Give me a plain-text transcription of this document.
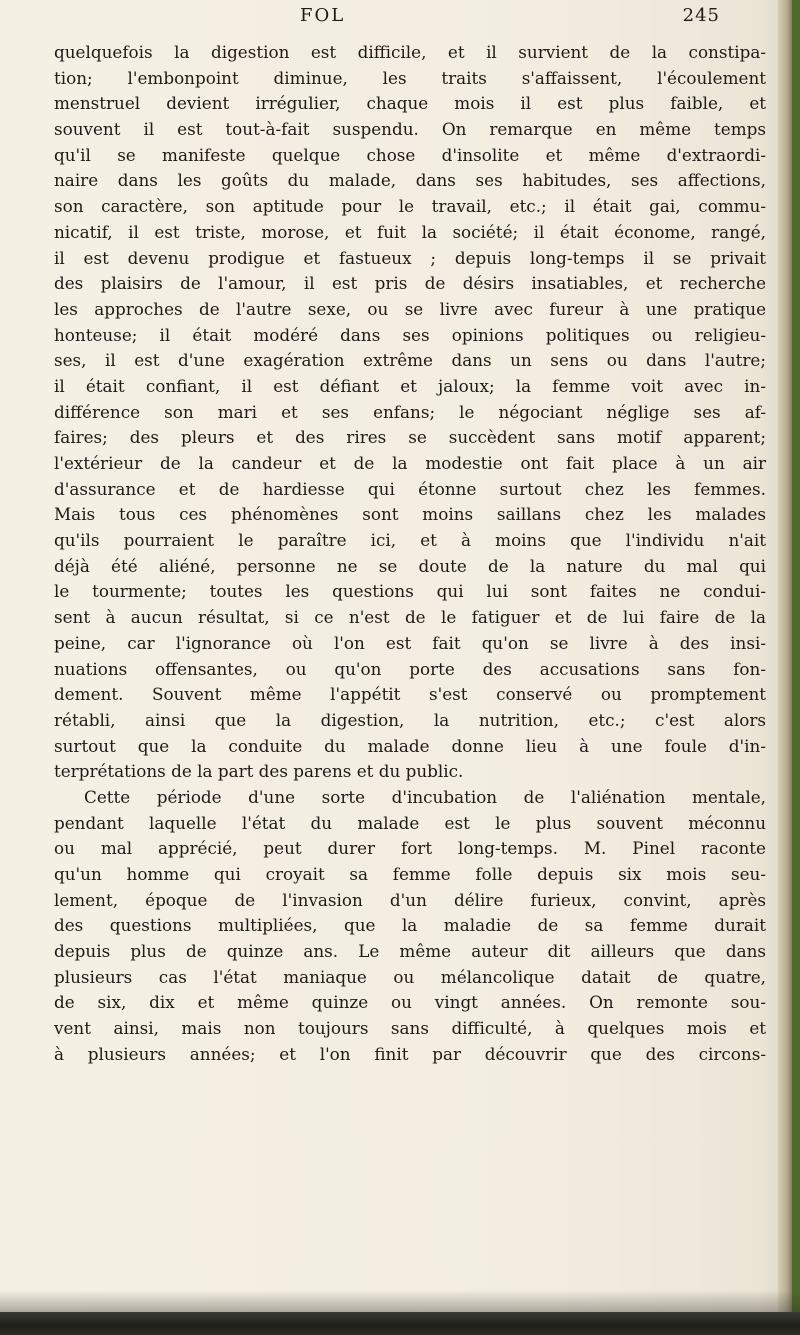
FOL	245
quelquefois la digestion est difficile, et il survient de la constipa-
tion; l'embonpoint diminue, les traits s'affaissent, l'écoulement
menstruel devient irrégulier, chaque mois il est plus faible, et
souvent il est tout-à-fait suspendu. On remarque en même temps
qu'il se manifeste quelque chose d'insolite et même d'extraordi-
naire dans les goûts du malade, dans ses habitudes, ses affections,
son caractère, son aptitude pour le travail, etc.; il était gai, commu-
nicatif, il est triste, morose, et fuit la société; il était économe, rangé,
il est devenu prodigue et fastueux ; depuis long-temps il se privait
des plaisirs de l'amour, il est pris de désirs insatiables, et recherche
les approches de l'autre sexe, ou se livre avec fureur à une pratique
honteuse; il était modéré dans ses opinions politiques ou religieu-
ses, il est d'une exagération extrême dans un sens ou dans l'autre;
il était confiant, il est défiant et jaloux; la femme voit avec in-
différence son mari et ses enfans; le négociant néglige ses af-
faires; des pleurs et des rires se succèdent sans motif apparent;
l'extérieur de la candeur et de la modestie ont fait place à un air
d'assurance et de hardiesse qui étonne surtout chez les femmes.
Mais tous ces phénomènes sont moins saillans chez les malades
qu'ils pourraient le paraître ici, et à moins que l'individu n'ait
déjà été aliéné, personne ne se doute de la nature du mal qui
le tourmente; toutes les questions qui lui sont faites ne condui-
sent à aucun résultat, si ce n'est de le fatiguer et de lui faire de la
peine, car l'ignorance où l'on est fait qu'on se livre à des insi-
nuations offensantes, ou qu'on porte des accusations sans fon-
dement. Souvent même l'appétit s'est conservé ou promptement
rétabli, ainsi que la digestion, la nutrition, etc.; c'est alors
surtout que la conduite du malade donne lieu à une foule d'in-
terprétations de la part des parens et du public.
Cette période d'une sorte d'incubation de l'aliénation mentale,
pendant laquelle l'état du malade est le plus souvent méconnu
ou mal apprécié, peut durer fort long-temps. M. Pinel raconte
qu'un homme qui croyait sa femme folle depuis six mois seu-
lement, époque de l'invasion d'un délire furieux, convint, après
des questions multipliées, que la maladie de sa femme durait
depuis plus de quinze ans. Le même auteur dit ailleurs que dans
plusieurs cas l'état maniaque ou mélancolique datait de quatre,
de six, dix et même quinze ou vingt années. On remonte sou-
vent ainsi, mais non toujours sans difficulté, à quelques mois et
à plusieurs années; et l'on finit par découvrir que des circons-
